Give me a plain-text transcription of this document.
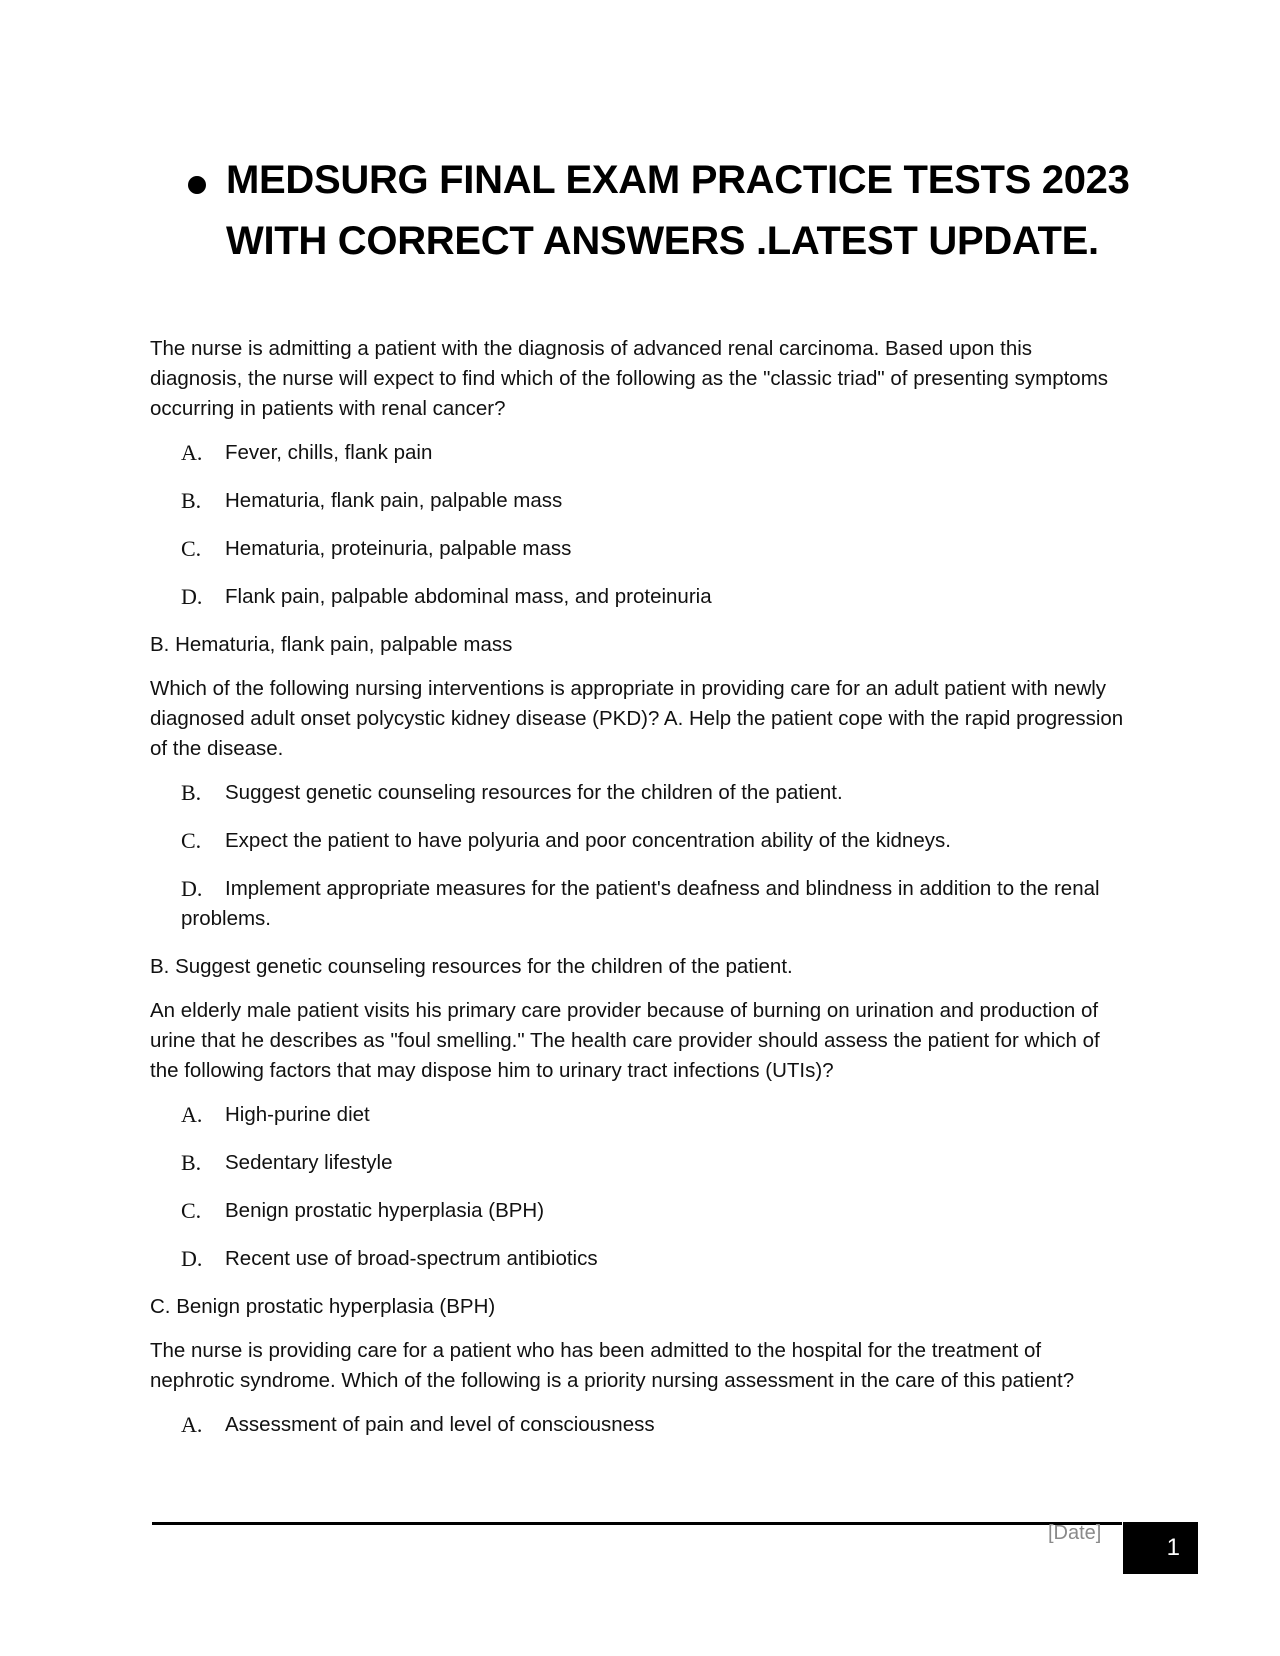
MEDSURG FINAL EXAM PRACTICE TESTS 2023
WITH CORRECT ANSWERS .LATEST UPDATE.

The nurse is admitting a patient with the diagnosis of advanced renal carcinoma. Based upon this diagnosis, the nurse will expect to find which of the following as the "classic triad" of presenting symptoms occurring in patients with renal cancer?

A. Fever, chills, flank pain
B. Hematuria, flank pain, palpable mass
C. Hematuria, proteinuria, palpable mass
D. Flank pain, palpable abdominal mass, and proteinuria

B. Hematuria, flank pain, palpable mass

Which of the following nursing interventions is appropriate in providing care for an adult patient with newly diagnosed adult onset polycystic kidney disease (PKD)? A. Help the patient cope with the rapid progression of the disease.

B. Suggest genetic counseling resources for the children of the patient.
C. Expect the patient to have polyuria and poor concentration ability of the kidneys.
D. Implement appropriate measures for the patient's deafness and blindness in addition to the renal problems.

B. Suggest genetic counseling resources for the children of the patient.

An elderly male patient visits his primary care provider because of burning on urination and production of urine that he describes as "foul smelling." The health care provider should assess the patient for which of the following factors that may dispose him to urinary tract infections (UTIs)?

A. High-purine diet
B. Sedentary lifestyle
C. Benign prostatic hyperplasia (BPH)
D. Recent use of broad-spectrum antibiotics

C. Benign prostatic hyperplasia (BPH)

The nurse is providing care for a patient who has been admitted to the hospital for the treatment of nephrotic syndrome. Which of the following is a priority nursing assessment in the care of this patient?

A. Assessment of pain and level of consciousness
[Date]
1
